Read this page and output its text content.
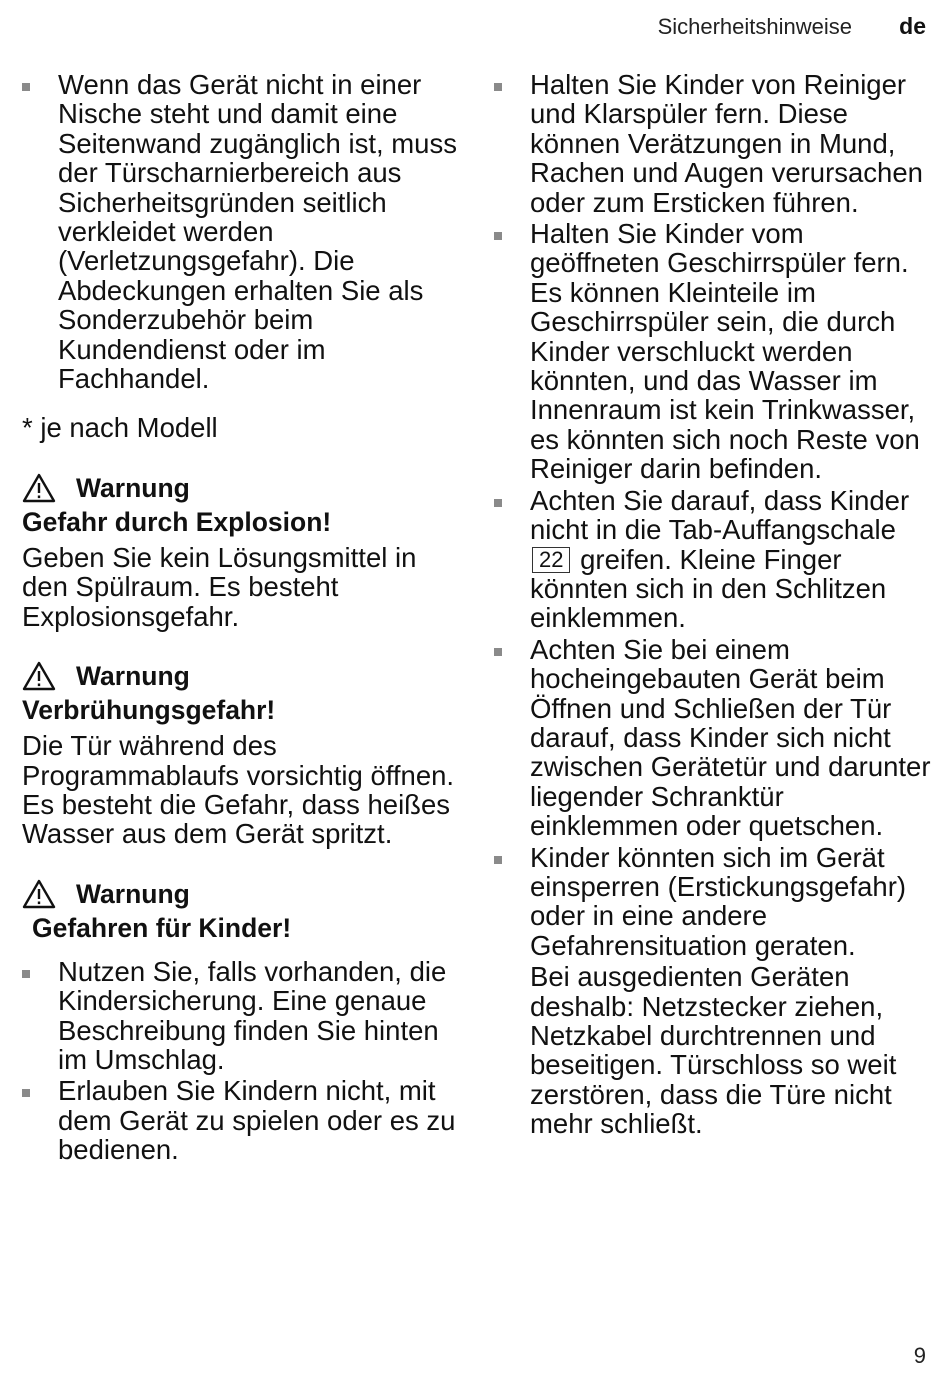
Sicherheitshinweise de
Wenn das Gerät nicht in einer Nische steht und damit eine Seitenwand zugänglich ist, muss der Türscharnierbereich aus Sicherheitsgründen seitlich verkleidet werden (Verletzungsgefahr). Die Abdeckungen erhalten Sie als Sonderzubehör beim Kundendienst oder im Fachhandel.

* je nach Modell

Warnung
Gefahr durch Explosion!

Geben Sie kein Lösungsmittel in den Spülraum. Es besteht Explosionsgefahr.

Warnung
Verbrühungsgefahr!

Die Tür während des Programmablaufs vorsichtig öffnen. Es besteht die Gefahr, dass heißes Wasser aus dem Gerät spritzt.

Warnung
Gefahren für Kinder!
Nutzen Sie, falls vorhanden, die Kindersicherung. Eine genaue Beschreibung finden Sie hinten im Umschlag.
Erlauben Sie Kindern nicht, mit dem Gerät zu spielen oder es zu bedienen.
Halten Sie Kinder von Reiniger und Klarspüler fern. Diese können Verätzungen in Mund, Rachen und Augen verursachen oder zum Ersticken führen.
Halten Sie Kinder vom geöffneten Geschirrspüler fern. Es können Kleinteile im Geschirrspüler sein, die durch Kinder verschluckt werden könnten, und das Wasser im Innenraum ist kein Trinkwasser, es könnten sich noch Reste von Reiniger darin befinden.
Achten Sie darauf, dass Kinder nicht in die Tab-Auffangschale 22 greifen. Kleine Finger könnten sich in den Schlitzen einklemmen.
Achten Sie bei einem hocheingebauten Gerät beim Öffnen und Schließen der Tür darauf, dass Kinder sich nicht zwischen Gerätetür und darunter liegender Schranktür einklemmen oder quetschen.
Kinder könnten sich im Gerät einsperren (Erstickungsgefahr) oder in eine andere Gefahrensituation geraten.
Bei ausgedienten Geräten deshalb: Netzstecker ziehen, Netzkabel durchtrennen und beseitigen. Türschloss so weit zerstören, dass die Türe nicht mehr schließt.
9
